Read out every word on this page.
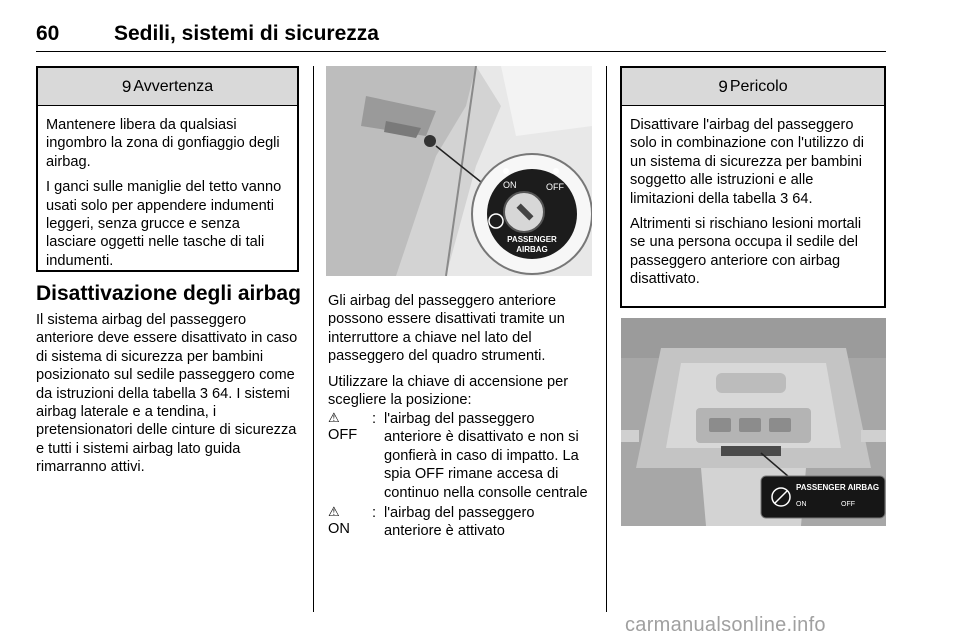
60	Sedili, sistemi di sicurezza
9 Avvertenza

Mantenere libera da qualsiasi ingombro la zona di gonfiaggio degli airbag.

I ganci sulle maniglie del tetto vanno usati solo per appendere indumenti leggeri, senza grucce e senza lasciare oggetti nelle tasche di tali indumenti.

Disattivazione degli airbag

Il sistema airbag del passeggero anteriore deve essere disattivato in caso di sistema di sicurezza per bambini posizionato sul sedile passeggero come da istruzioni della tabella 3 64. I sistemi airbag laterale e a tendina, i pretensionatori delle cinture di sicurezza e tutti i sistemi airbag lato guida rimarranno attivi.

ON	OFF
PASSENGER
AIRBAG

Gli airbag del passeggero anteriore possono essere disattivati tramite un interruttore a chiave nel lato del passeggero del quadro strumenti.

Utilizzare la chiave di accensione per scegliere la posizione:

⚠
OFF
: l'airbag del passeggero anteriore è disattivato e non si gonfierà in caso di impatto. La spia OFF rimane accesa di continuo nella consolle centrale
⚠
ON
: l'airbag del passeggero anteriore è attivato
9 Pericolo

Disattivare l'airbag del passeggero solo in combinazione con l'utilizzo di un sistema di sicurezza per bambini soggetto alle istruzioni e alle limitazioni della tabella 3 64.

Altrimenti si rischiano lesioni mortali se una persona occupa il sedile del passeggero anteriore con airbag disattivato.

PASSENGER AIRBAG
ON	OFF
carmanualsonline.info
